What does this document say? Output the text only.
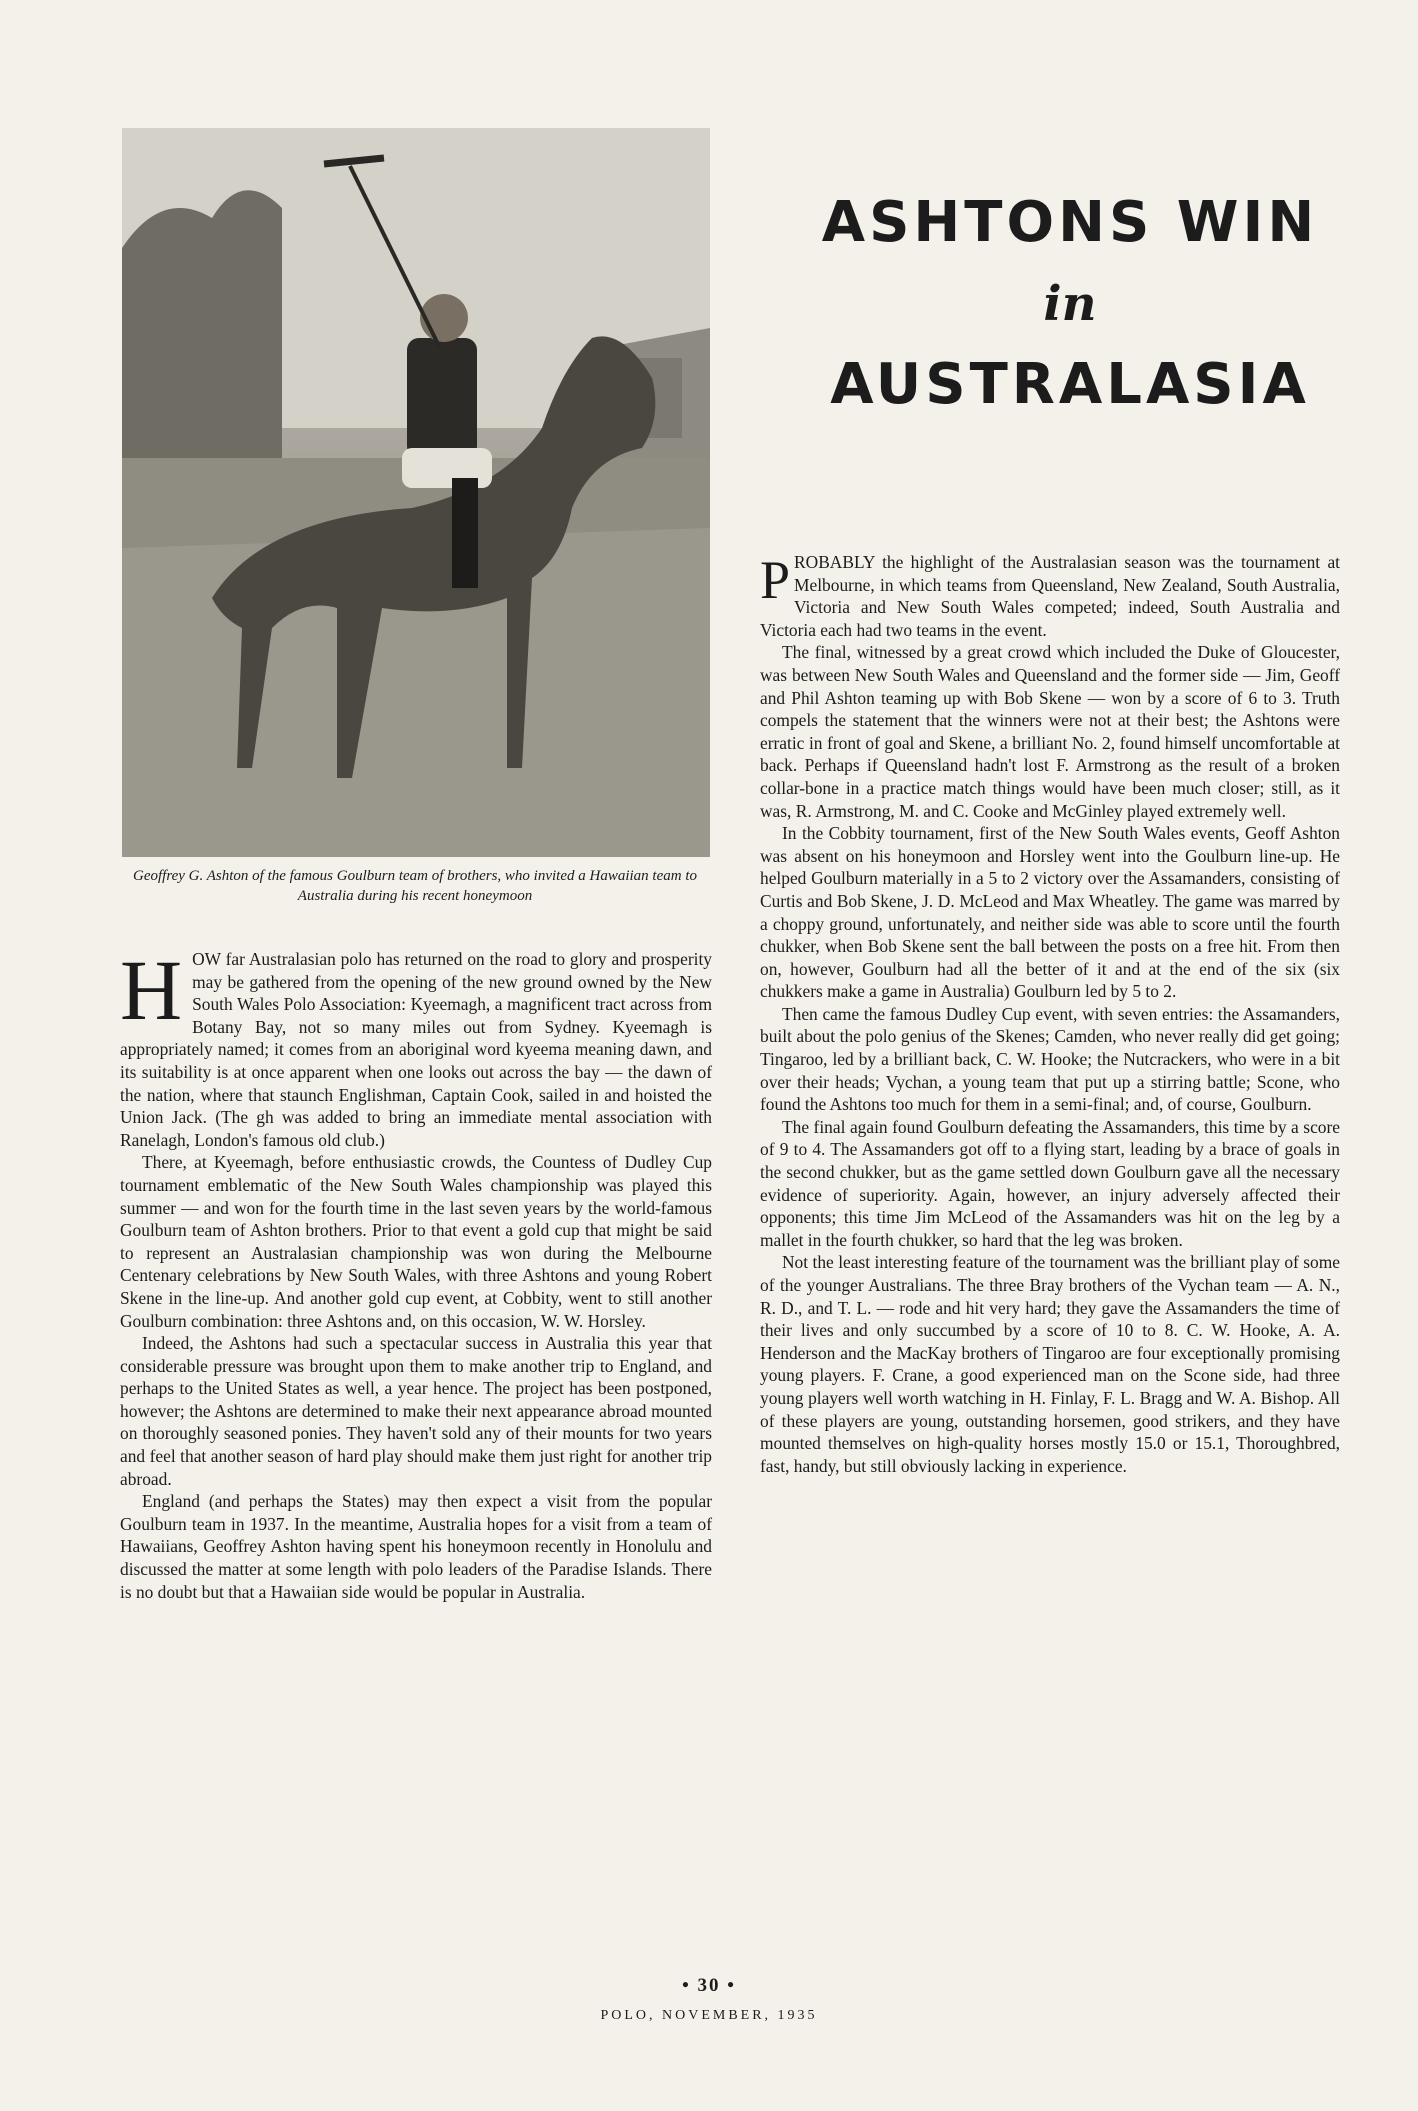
Geoffrey G. Ashton of the famous Goulburn team of brothers, who invited a Hawaiian team to Australia during his recent honeymoon
ASHTONS WIN
in
AUSTRALASIA

HOW far Australasian polo has returned on the road to glory and prosperity may be gathered from the opening of the new ground owned by the New South Wales Polo Association: Kyeemagh, a magnificent tract across from Botany Bay, not so many miles out from Sydney. Kyeemagh is appropriately named; it comes from an aboriginal word kyeema meaning dawn, and its suitability is at once apparent when one looks out across the bay — the dawn of the nation, where that staunch Englishman, Captain Cook, sailed in and hoisted the Union Jack. (The gh was added to bring an immediate mental association with Ranelagh, London's famous old club.)

There, at Kyeemagh, before enthusiastic crowds, the Countess of Dudley Cup tournament emblematic of the New South Wales championship was played this summer — and won for the fourth time in the last seven years by the world-famous Goulburn team of Ashton brothers. Prior to that event a gold cup that might be said to represent an Australasian championship was won during the Melbourne Centenary celebrations by New South Wales, with three Ashtons and young Robert Skene in the line-up. And another gold cup event, at Cobbity, went to still another Goulburn combination: three Ashtons and, on this occasion, W. W. Horsley.

Indeed, the Ashtons had such a spectacular success in Australia this year that considerable pressure was brought upon them to make another trip to England, and perhaps to the United States as well, a year hence. The project has been postponed, however; the Ashtons are determined to make their next appearance abroad mounted on thoroughly seasoned ponies. They haven't sold any of their mounts for two years and feel that another season of hard play should make them just right for another trip abroad.

England (and perhaps the States) may then expect a visit from the popular Goulburn team in 1937. In the meantime, Australia hopes for a visit from a team of Hawaiians, Geoffrey Ashton having spent his honeymoon recently in Honolulu and discussed the matter at some length with polo leaders of the Paradise Islands. There is no doubt but that a Hawaiian side would be popular in Australia.

PROBABLY the highlight of the Australasian season was the tournament at Melbourne, in which teams from Queensland, New Zealand, South Australia, Victoria and New South Wales competed; indeed, South Australia and Victoria each had two teams in the event.

The final, witnessed by a great crowd which included the Duke of Gloucester, was between New South Wales and Queensland and the former side — Jim, Geoff and Phil Ashton teaming up with Bob Skene — won by a score of 6 to 3. Truth compels the statement that the winners were not at their best; the Ashtons were erratic in front of goal and Skene, a brilliant No. 2, found himself uncomfortable at back. Perhaps if Queensland hadn't lost F. Armstrong as the result of a broken collar-bone in a practice match things would have been much closer; still, as it was, R. Armstrong, M. and C. Cooke and McGinley played extremely well.

In the Cobbity tournament, first of the New South Wales events, Geoff Ashton was absent on his honeymoon and Horsley went into the Goulburn line-up. He helped Goulburn materially in a 5 to 2 victory over the Assamanders, consisting of Curtis and Bob Skene, J. D. McLeod and Max Wheatley. The game was marred by a choppy ground, unfortunately, and neither side was able to score until the fourth chukker, when Bob Skene sent the ball between the posts on a free hit. From then on, however, Goulburn had all the better of it and at the end of the six (six chukkers make a game in Australia) Goulburn led by 5 to 2.

Then came the famous Dudley Cup event, with seven entries: the Assamanders, built about the polo genius of the Skenes; Camden, who never really did get going; Tingaroo, led by a brilliant back, C. W. Hooke; the Nutcrackers, who were in a bit over their heads; Vychan, a young team that put up a stirring battle; Scone, who found the Ashtons too much for them in a semi-final; and, of course, Goulburn.

The final again found Goulburn defeating the Assamanders, this time by a score of 9 to 4. The Assamanders got off to a flying start, leading by a brace of goals in the second chukker, but as the game settled down Goulburn gave all the necessary evidence of superiority. Again, however, an injury adversely affected their opponents; this time Jim McLeod of the Assamanders was hit on the leg by a mallet in the fourth chukker, so hard that the leg was broken.

Not the least interesting feature of the tournament was the brilliant play of some of the younger Australians. The three Bray brothers of the Vychan team — A. N., R. D., and T. L. — rode and hit very hard; they gave the Assamanders the time of their lives and only succumbed by a score of 10 to 8. C. W. Hooke, A. A. Henderson and the MacKay brothers of Tingaroo are four exceptionally promising young players. F. Crane, a good experienced man on the Scone side, had three young players well worth watching in H. Finlay, F. L. Bragg and W. A. Bishop. All of these players are young, outstanding horsemen, good strikers, and they have mounted themselves on high-quality horses mostly 15.0 or 15.1, Thoroughbred, fast, handy, but still obviously lacking in experience.

• 30 •
POLO, NOVEMBER, 1935
